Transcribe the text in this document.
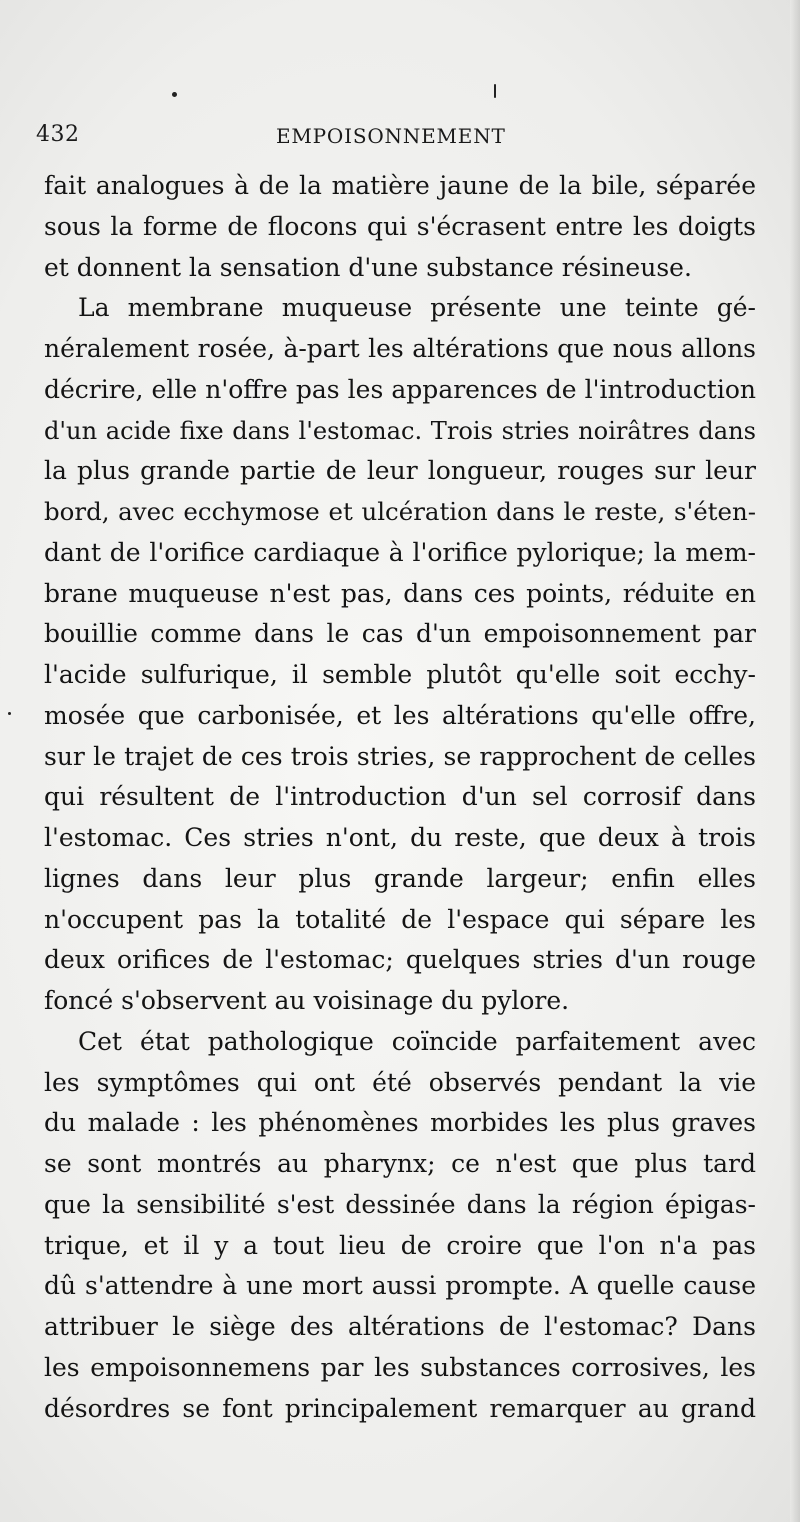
432	EMPOISONNEMENT
fait analogues à de la matière jaune de la bile, séparée
sous la forme de flocons qui s'écrasent entre les doigts
et donnent la sensation d'une substance résineuse.
La membrane muqueuse présente une teinte gé-
néralement rosée, à-part les altérations que nous allons
décrire, elle n'offre pas les apparences de l'introduction
d'un acide fixe dans l'estomac. Trois stries noirâtres dans
la plus grande partie de leur longueur, rouges sur leur
bord, avec ecchymose et ulcération dans le reste, s'éten-
dant de l'orifice cardiaque à l'orifice pylorique; la mem-
brane muqueuse n'est pas, dans ces points, réduite en
bouillie comme dans le cas d'un empoisonnement par
l'acide sulfurique, il semble plutôt qu'elle soit ecchy-
mosée que carbonisée, et les altérations qu'elle offre,
sur le trajet de ces trois stries, se rapprochent de celles
qui résultent de l'introduction d'un sel corrosif dans
l'estomac. Ces stries n'ont, du reste, que deux à trois
lignes dans leur plus grande largeur; enfin elles
n'occupent pas la totalité de l'espace qui sépare les
deux orifices de l'estomac; quelques stries d'un rouge
foncé s'observent au voisinage du pylore.
Cet état pathologique coïncide parfaitement avec
les symptômes qui ont été observés pendant la vie
du malade : les phénomènes morbides les plus graves
se sont montrés au pharynx; ce n'est que plus tard
que la sensibilité s'est dessinée dans la région épigas-
trique, et il y a tout lieu de croire que l'on n'a pas
dû s'attendre à une mort aussi prompte. A quelle cause
attribuer le siège des altérations de l'estomac? Dans
les empoisonnemens par les substances corrosives, les
désordres se font principalement remarquer au grand
